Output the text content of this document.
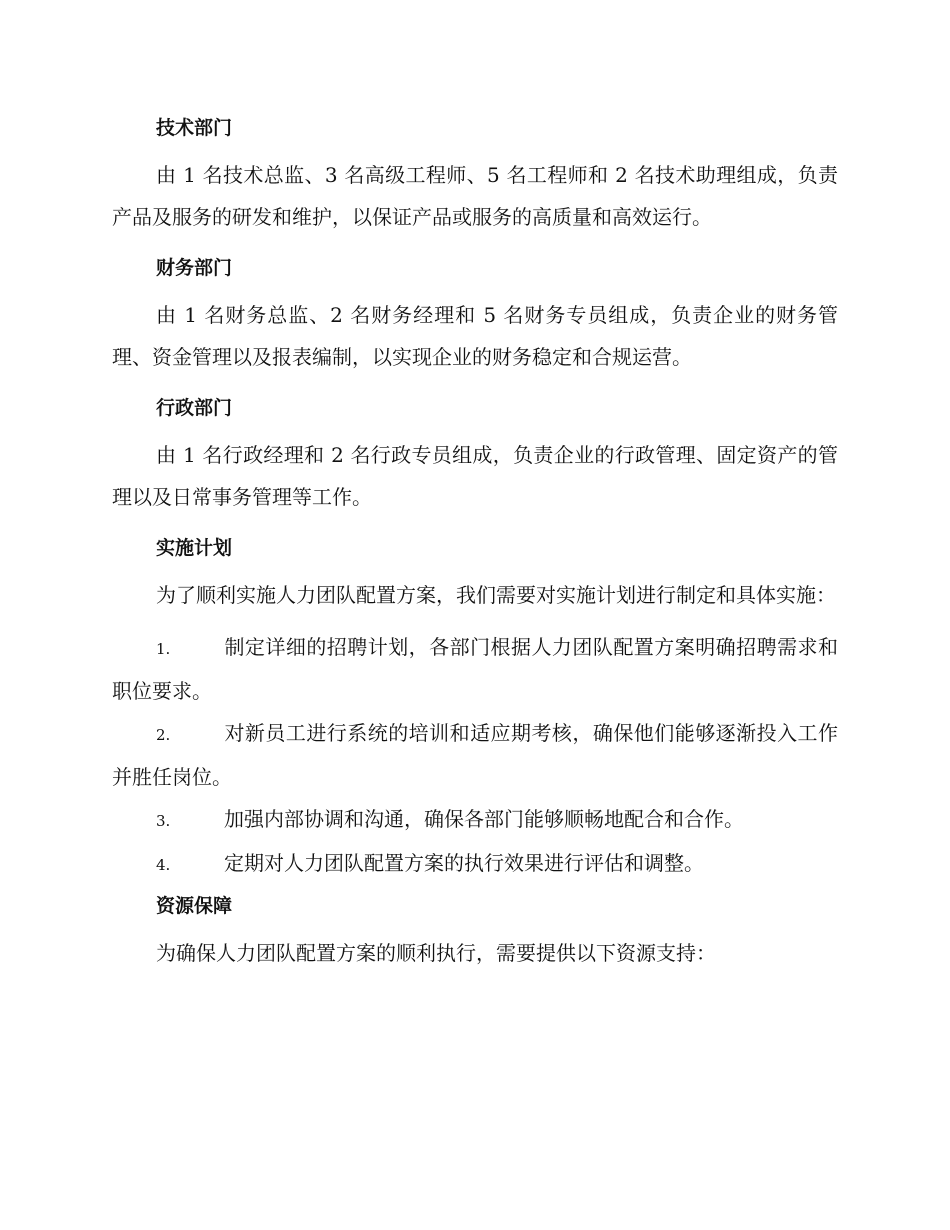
技术部门

由 1 名技术总监、3 名高级工程师、5 名工程师和 2 名技术助理组成，负责产品及服务的研发和维护，以保证产品或服务的高质量和高效运行。

财务部门

由 1 名财务总监、2 名财务经理和 5 名财务专员组成，负责企业的财务管理、资金管理以及报表编制，以实现企业的财务稳定和合规运营。

行政部门

由 1 名行政经理和 2 名行政专员组成，负责企业的行政管理、固定资产的管理以及日常事务管理等工作。

实施计划

为了顺利实施人力团队配置方案，我们需要对实施计划进行制定和具体实施：

1.	制定详细的招聘计划，各部门根据人力团队配置方案明确招聘需求和职位要求。

2.	对新员工进行系统的培训和适应期考核，确保他们能够逐渐投入工作并胜任岗位。

3.	加强内部协调和沟通，确保各部门能够顺畅地配合和合作。

4.	定期对人力团队配置方案的执行效果进行评估和调整。

资源保障

为确保人力团队配置方案的顺利执行，需要提供以下资源支持：
